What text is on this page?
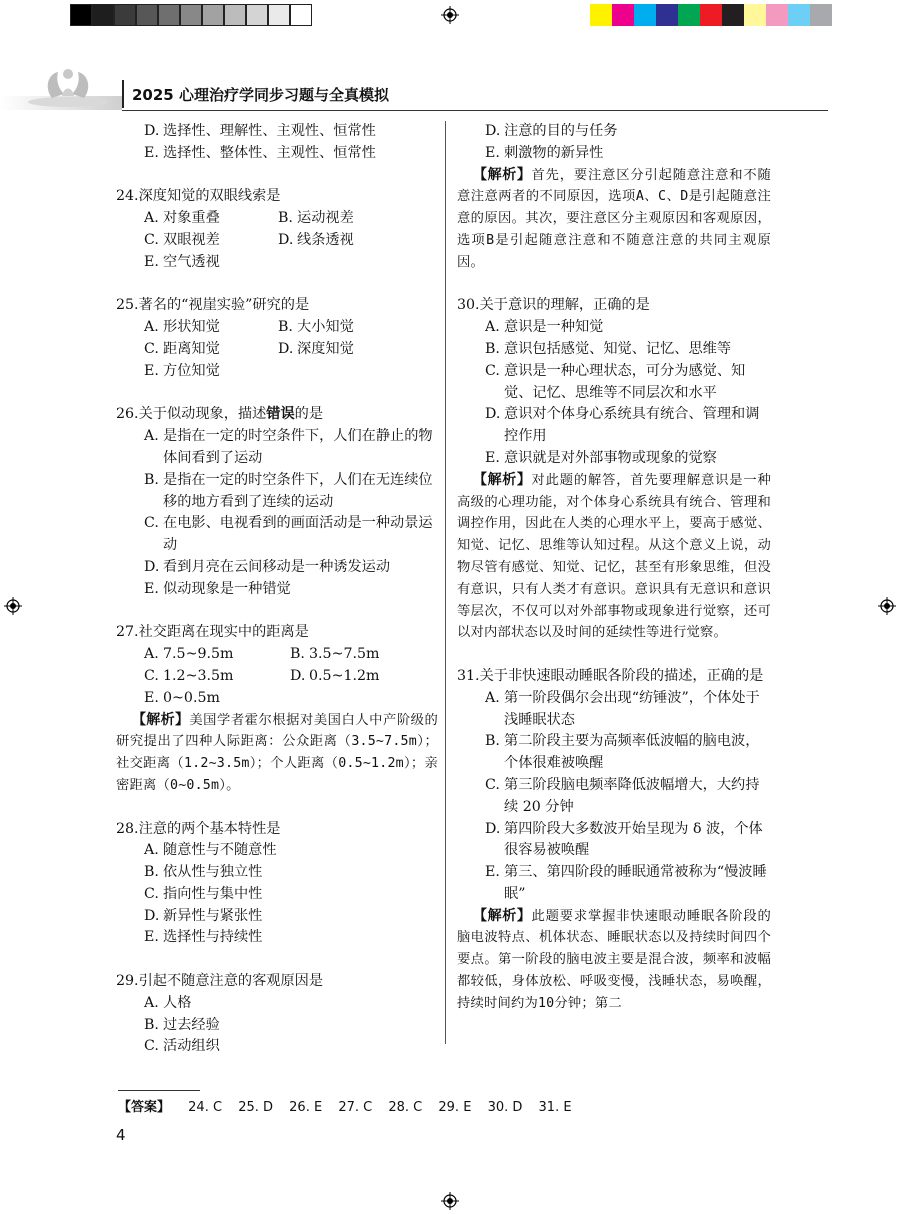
2025 心理治疗学同步习题与全真模拟
D. 选择性、理解性、主观性、恒常性
E. 选择性、整体性、主观性、恒常性
24. 深度知觉的双眼线索是
A. 对象重叠	B. 运动视差
C. 双眼视差	D. 线条透视
E. 空气透视
25. 著名的“视崖实验”研究的是
A. 形状知觉	B. 大小知觉
C. 距离知觉	D. 深度知觉
E. 方位知觉
26. 关于似动现象，描述错误的是
A. 是指在一定的时空条件下，人们在静止的物体间看到了运动
B. 是指在一定的时空条件下，人们在无连续位移的地方看到了连续的运动
C. 在电影、电视看到的画面活动是一种动景运动
D. 看到月亮在云间移动是一种诱发运动
E. 似动现象是一种错觉
27. 社交距离在现实中的距离是
A. 7.5~9.5m	B. 3.5~7.5m
C. 1.2~3.5m	D. 0.5~1.2m
E. 0~0.5m
【解析】美国学者霍尔根据对美国白人中产阶级的研究提出了四种人际距离：公众距离（3.5~7.5m）；社交距离（1.2~3.5m）；个人距离（0.5~1.2m）；亲密距离（0~0.5m）。
28. 注意的两个基本特性是
A. 随意性与不随意性
B. 依从性与独立性
C. 指向性与集中性
D. 新异性与紧张性
E. 选择性与持续性
29. 引起不随意注意的客观原因是
A. 人格
B. 过去经验
C. 活动组织
D. 注意的目的与任务
E. 刺激物的新异性
【解析】首先，要注意区分引起随意注意和不随意注意两者的不同原因，选项A、C、D是引起随意注意的原因。其次，要注意区分主观原因和客观原因，选项B是引起随意注意和不随意注意的共同主观原因。
30. 关于意识的理解，正确的是
A. 意识是一种知觉
B. 意识包括感觉、知觉、记忆、思维等
C. 意识是一种心理状态，可分为感觉、知觉、记忆、思维等不同层次和水平
D. 意识对个体身心系统具有统合、管理和调控作用
E. 意识就是对外部事物或现象的觉察
【解析】对此题的解答，首先要理解意识是一种高级的心理功能，对个体身心系统具有统合、管理和调控作用，因此在人类的心理水平上，要高于感觉、知觉、记忆、思维等认知过程。从这个意义上说，动物尽管有感觉、知觉、记忆，甚至有形象思维，但没有意识，只有人类才有意识。意识具有无意识和意识等层次，不仅可以对外部事物或现象进行觉察，还可以对内部状态以及时间的延续性等进行觉察。
31. 关于非快速眼动睡眠各阶段的描述，正确的是
A. 第一阶段偶尔会出现“纺锤波”，个体处于浅睡眠状态
B. 第二阶段主要为高频率低波幅的脑电波，个体很难被唤醒
C. 第三阶段脑电频率降低波幅增大，大约持续 20 分钟
D. 第四阶段大多数波开始呈现为 δ 波，个体很容易被唤醒
E. 第三、第四阶段的睡眠通常被称为“慢波睡眠”
【解析】此题要求掌握非快速眼动睡眠各阶段的脑电波特点、机体状态、睡眠状态以及持续时间四个要点。第一阶段的脑电波主要是混合波，频率和波幅都较低，身体放松、呼吸变慢，浅睡状态，易唤醒，持续时间约为10分钟；第二
【答案】 24. C 25. D 26. E 27. C 28. C 29. E 30. D 31. E
4
